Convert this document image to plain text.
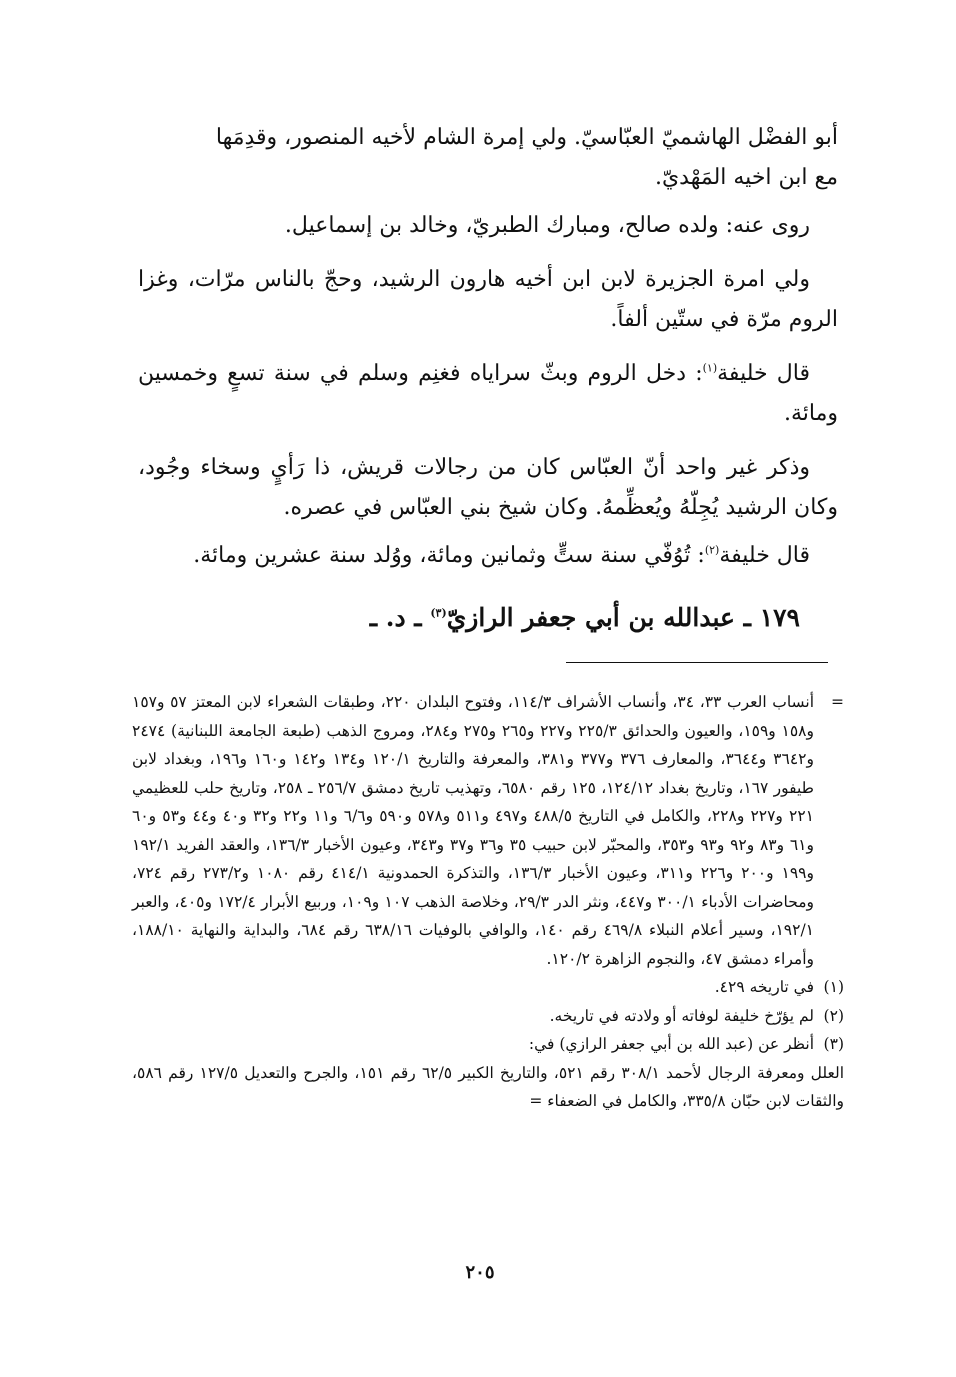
أبو الفضْل الهاشميّ العبّاسيّ. ولي إمرة الشام لأخيه المنصور، وقدِمَها
مع ابن اخيه المَهْديّ.

روى عنه: ولده صالح، ومبارك الطبريّ، وخالد بن إسماعيل.

ولي امرة الجزيرة لابن ابن أخيه هارون الرشيد، وحجّ بالناس مرّات، وغزا الروم مرّة في ستّين ألفاً.

قال خليفة$^{(١)}$: دخل الروم وبثّ سراياه فغنِم وسلم في سنة تسعٍ وخمسين ومائة.

وذكر غير واحد أنّ العبّاس كان من رجالات قريش، ذا رَأيٍ وسخاء وجُود، وكان الرشيد يُجِلّهُ ويُعظِّمهُ. وكان شيخ بني العبّاس في عصره.

قال خليفة$^{(٢)}$: تُوُفّي سنة ستٍّ وثمانين ومائة، ووُلد سنة عشرين ومائة.

١٧٩ ـ عبدالله بن أبي جعفر الرازيّ$^{(٣)}$ ـ د. ـ

=أنساب العرب ٣٣، ٣٤، وأنساب الأشراف ١١٤/٣، وفتوح البلدان ٢٢٠، وطبقات الشعراء لابن المعتز ٥٧ و١٥٧ و١٥٨ و١٥٩، والعيون والحدائق ٢٢٥/٣ و٢٢٧ و٢٦٥ و٢٧٥ و٢٨٤، ومروج الذهب (طبعة الجامعة اللبنانية) ٢٤٧٤ و٣٦٤٢ و٣٦٤٤، والمعارف ٣٧٦ و٣٧٧ و٣٨١، والمعرفة والتاريخ ١٢٠/١ و١٣٤ و١٤٢ و١٦٠ و١٩٦، وبغداد لابن طيفور ١٦٧، وتاريخ بغداد ١٢٤/١٢، ١٢٥ رقم ٦٥٨٠، وتهذيب تاريخ دمشق ٢٥٦/٧ ـ ٢٥٨، وتاريخ حلب للعظيمي ٢٢١ و٢٢٧ و٢٢٨، والكامل في التاريخ ٤٨٨/٥ و٤٩٧ و٥١١ و٥٧٨ و٥٩٠ و٦/٦ و١١ و٢٢ و٣٢ و٤٠ و٤٤ و٥٣ و٦٠ و٦١ و٨٣ و٩٢ و٩٣ و٣٥٣، والمحبّر لابن حبيب ٣٥ و٣٦ و٣٧ و٣٤٣، وعيون الأخبار ١٣٦/٣، والعقد الفريد ١٩٢/١ و١٩٩ و٢٠٠ و٢٢٦ و٣١١، وعيون الأخبار ١٣٦/٣، والتذكرة الحمدونية ٤١٤/١ رقم ١٠٨٠ و٢٧٣/٢ رقم ٧٢٤، ومحاضرات الأدباء ٣٠٠/١ و٤٤٧، ونثر الدر ٢٩/٣، وخلاصة الذهب ١٠٧ و١٠٩، وربيع الأبرار ١٧٢/٤ و٤٠٥، والعبر ١٩٢/١، وسير أعلام النبلاء ٤٦٩/٨ رقم ١٤٠، والوافي بالوفيات ٦٣٨/١٦ رقم ٦٨٤، والبداية والنهاية ١٨٨/١٠، وأمراء دمشق ٤٧، والنجوم الزاهرة ١٢٠/٢.

(١)في تاريخه ٤٢٩.

(٢)لم يؤرّخ خليفة لوفاته أو ولادته في تاريخه.

(٣)أنظر عن (عبد الله بن أبي جعفر الرازي) في:

العلل ومعرفة الرجال لأحمد ٣٠٨/١ رقم ٥٢١، والتاريخ الكبير ٦٢/٥ رقم ١٥١، والجرح والتعديل ١٢٧/٥ رقم ٥٨٦، والثقات لابن حبّان ٣٣٥/٨، والكامل في الضعفاء =

٢٠٥
